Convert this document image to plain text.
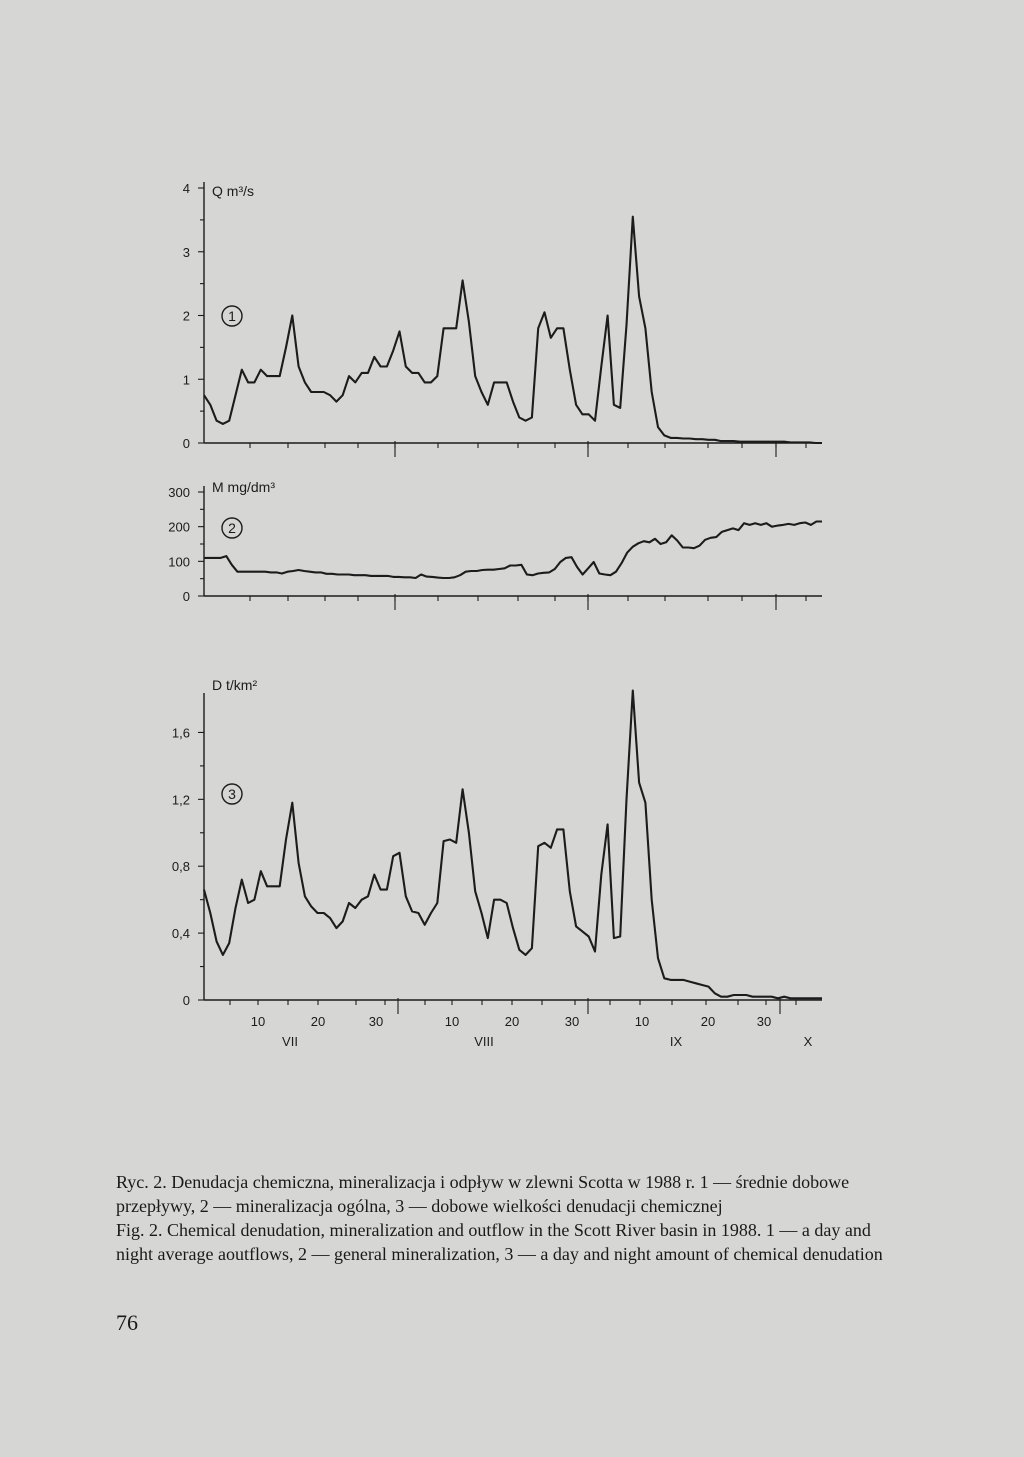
0
1
2
3
4 Q m³/s
1
0
100
200
300 M mg/dm³
2
0
0,4
0,8
1,2
1,6
D t/km²
3
10	20	30	10	20	30	10	20	30
VII	VIII	IX	X

Ryc. 2. Denudacja chemiczna, mineralizacja i odpływ w zlewni Scotta w 1988 r. 1 — średnie dobowe przepływy, 2 — mineralizacja ogólna, 3 — dobowe wielkości denudacji chemicznej

Fig. 2. Chemical denudation, mineralization and outflow in the Scott River basin in 1988. 1 — a day and night average aoutflows, 2 — general mineralization, 3 — a day and night amount of chemical denudation

76
